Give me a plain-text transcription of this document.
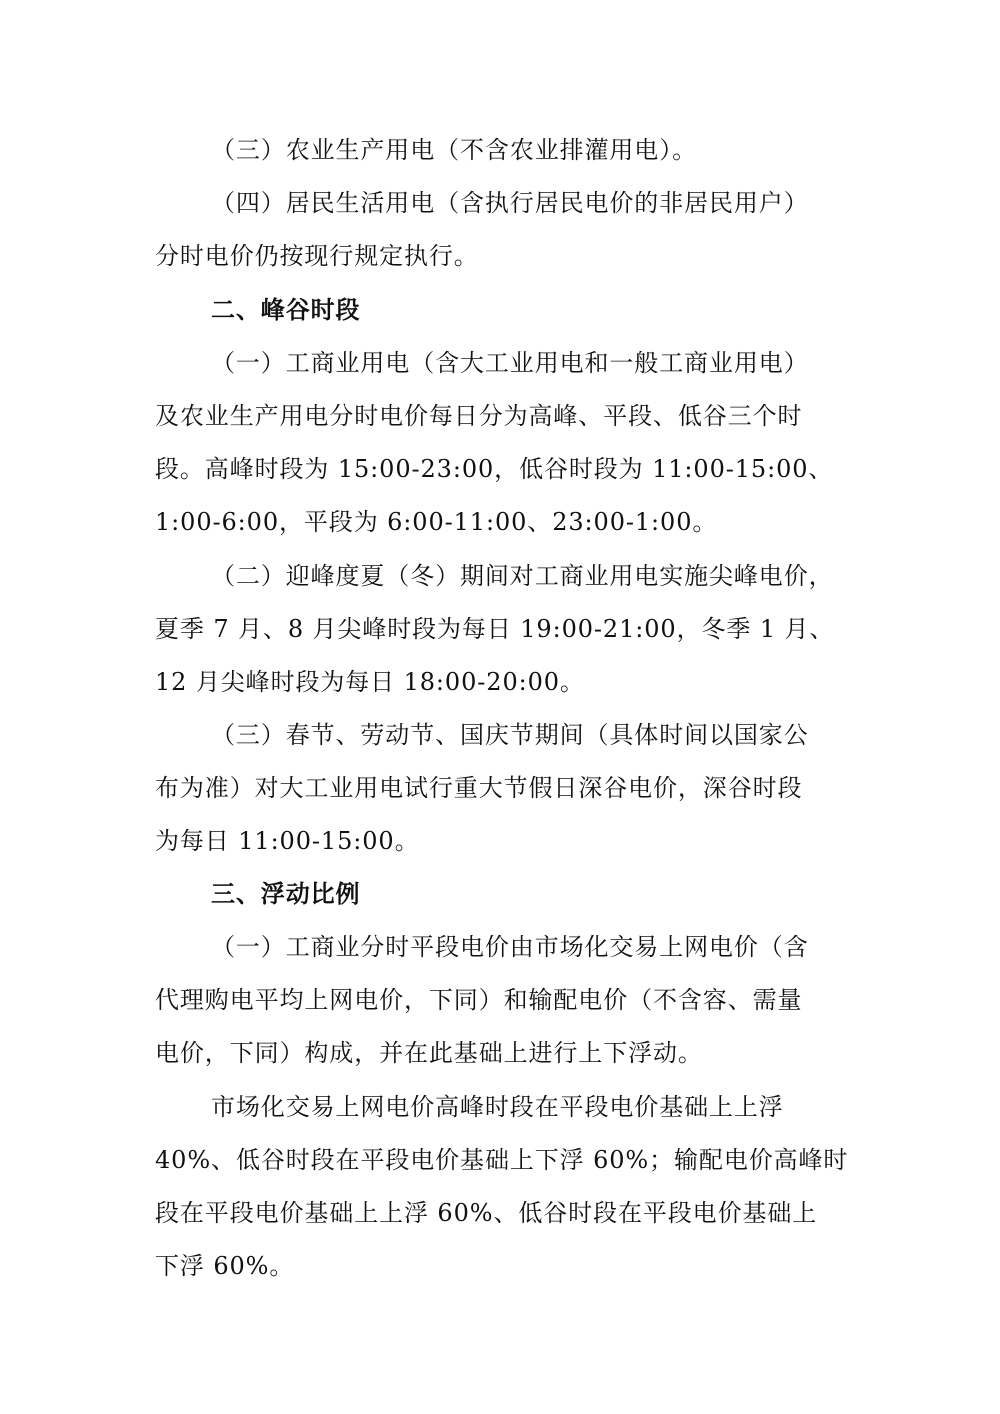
（三）农业生产用电（不含农业排灌用电）。
（四）居民生活用电（含执行居民电价的非居民用户）
分时电价仍按现行规定执行。
二、峰谷时段
（一）工商业用电（含大工业用电和一般工商业用电）
及农业生产用电分时电价每日分为高峰、平段、低谷三个时
段。高峰时段为 15:00-23:00，低谷时段为 11:00-15:00、
1:00-6:00，平段为 6:00-11:00、23:00-1:00。
（二）迎峰度夏（冬）期间对工商业用电实施尖峰电价，
夏季 7 月、8 月尖峰时段为每日 19:00-21:00，冬季 1 月、
12 月尖峰时段为每日 18:00-20:00。
（三）春节、劳动节、国庆节期间（具体时间以国家公
布为准）对大工业用电试行重大节假日深谷电价，深谷时段
为每日 11:00-15:00。
三、浮动比例
（一）工商业分时平段电价由市场化交易上网电价（含
代理购电平均上网电价，下同）和输配电价（不含容、需量
电价，下同）构成，并在此基础上进行上下浮动。
市场化交易上网电价高峰时段在平段电价基础上上浮
40%、低谷时段在平段电价基础上下浮 60%；输配电价高峰时
段在平段电价基础上上浮 60%、低谷时段在平段电价基础上
下浮 60%。
